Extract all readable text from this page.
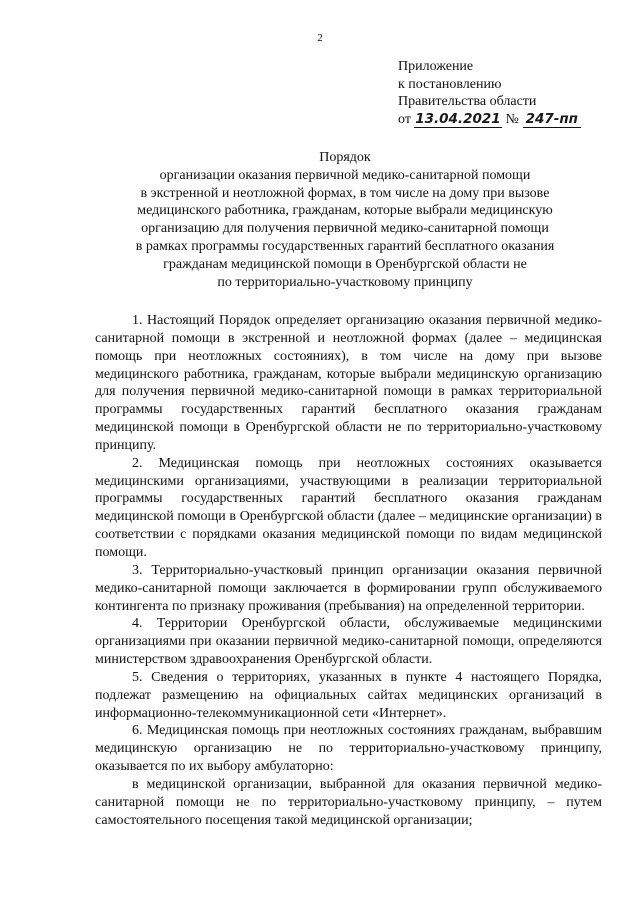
2
Приложение
к постановлению
Правительства области
от 13.04.2021 № 247-пп
Порядок
организации оказания первичной медико-санитарной помощи
в экстренной и неотложной формах, в том числе на дому при вызове
медицинского работника, гражданам, которые выбрали медицинскую
организацию для получения первичной медико-санитарной помощи
в рамках программы государственных гарантий бесплатного оказания
гражданам медицинской помощи в Оренбургской области не
по территориально-участковому принципу

1. Настоящий Порядок определяет организацию оказания первичной медико-санитарной помощи в экстренной и неотложной формах (далее – медицинская помощь при неотложных состояниях), в том числе на дому при вызове медицинского работника, гражданам, которые выбрали медицинскую организацию для получения первичной медико-санитарной помощи в рамках территориальной программы государственных гарантий бесплатного оказания гражданам медицинской помощи в Оренбургской области не по территориально-участковому принципу.

2. Медицинская помощь при неотложных состояниях оказывается медицинскими организациями, участвующими в реализации территориальной программы государственных гарантий бесплатного оказания гражданам медицинской помощи в Оренбургской области (далее – медицинские организации) в соответствии с порядками оказания медицинской помощи по видам медицинской помощи.

3. Территориально-участковый принцип организации оказания первичной медико-санитарной помощи заключается в формировании групп обслуживаемого контингента по признаку проживания (пребывания) на определенной территории.

4. Территории Оренбургской области, обслуживаемые медицинскими организациями при оказании первичной медико-санитарной помощи, определяются министерством здравоохранения Оренбургской области.

5. Сведения о территориях, указанных в пункте 4 настоящего Порядка, подлежат размещению на официальных сайтах медицинских организаций в информационно-телекоммуникационной сети «Интернет».

6. Медицинская помощь при неотложных состояниях гражданам, выбравшим медицинскую организацию не по территориально-участковому принципу, оказывается по их выбору амбулаторно:

в медицинской организации, выбранной для оказания первичной медико-санитарной помощи не по территориально-участковому принципу, – путем самостоятельного посещения такой медицинской организации;
